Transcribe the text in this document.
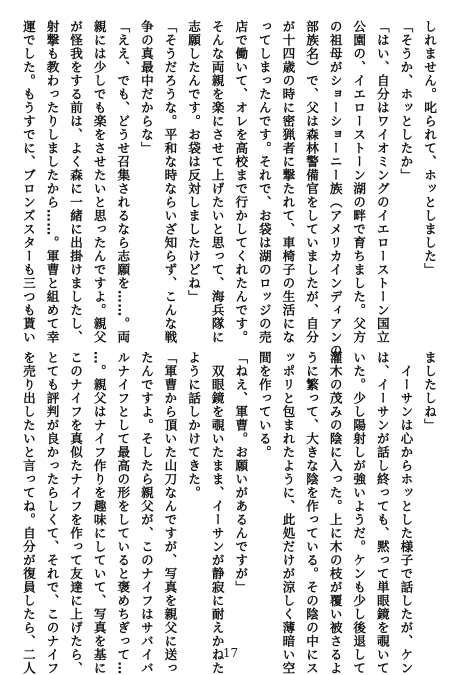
しれません。叱られて、ホッとしました」

「そうか、ホッとしたか」

「はい、自分はワイオミングのイエローストーン国立

公園の、イエローストーン湖の畔で育ちました。父方

の祖母がショーショーニー族（アメリカインディアンの

部族名）で、父は森林警備官をしていましたが、自分

が十四歳の時に密猟者に撃たれて、車椅子の生活にな

ってしまったんです。それで、お袋は湖のロッジの売

店で働いて、オレを高校まで行かしてくれたんです。

そんな両親を楽にさせて上げたいと思って、海兵隊に

志願したんです。お袋は反対しましたけどね」

「そうだろうな。平和な時ならいざ知らず、こんな戦

争の真最中だからな」

「ええ、でも、どうせ召集されるなら志願を……。両

親には少しでも楽をさせたいと思ったんですよ。親父

が怪我をする前は、よく森に一緒に出掛けましたし、

射撃も教わったりしましたから……。軍曹と組めて幸

運でした。もうすでに、ブロンズスターも三つも貰い

ましたしね」

　イーサンは心からホッとした様子で話したが、ケン

は、イーサンが話し終っても、黙って単眼鏡を覗いて

いた。少し陽射しが強いようだ。ケンも少し後退して

灌木の茂みの陰に入った。上に木の枝が覆い被さるよ

うに繁って、大きな陰を作っている。その陰の中にス

ッポリと包まれたように、此処だけが涼しく薄暗い空

間を作っている。

「ねえ、軍曹。お願いがあるんですが」

　双眼鏡を覗いたまま、イーサンが静寂に耐えかねた

ように話しかけてきた。

「軍曹から頂いた山刀なんですが、写真を親父に送っ

たんですよ。そしたら親父が、このナイフはサバイバ

ルナイフとして最高の形をしていると褒めちぎって…

…。親父はナイフ作りを趣味にしていて、写真を基に

このナイフを真似たナイフを作って友達に上げたら、

とても評判が良かったらしくて、それで、このナイフ

を売り出したいと言ってね。自分が復員したら、二人	17
